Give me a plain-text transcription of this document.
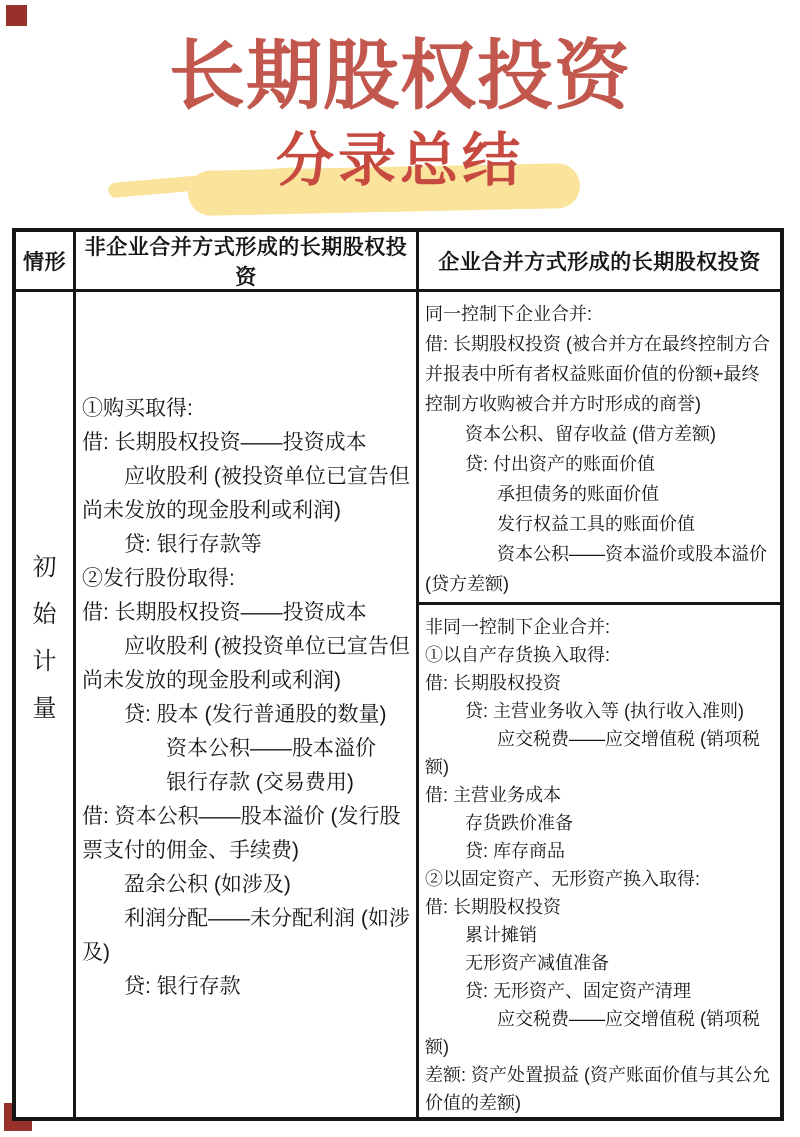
长期股权投资
分录总结
情形
非企业合并方式形成的长期股权投资
企业合并方式形成的长期股权投资
初
始
计
量
①购买取得:
借: 长期股权投资——投资成本
应收股利 (被投资单位已宣告但尚未发放的现金股利或利润)
贷: 银行存款等
②发行股份取得:
借: 长期股权投资——投资成本
应收股利 (被投资单位已宣告但尚未发放的现金股利或利润)
贷: 股本 (发行普通股的数量)
资本公积——股本溢价
银行存款 (交易费用)
借: 资本公积——股本溢价 (发行股票支付的佣金、手续费)
盈余公积 (如涉及)
利润分配——未分配利润 (如涉及)
贷: 银行存款
同一控制下企业合并:
借: 长期股权投资 (被合并方在最终控制方合并报表中所有者权益账面价值的份额+最终控制方收购被合并方时形成的商誉)
资本公积、留存收益 (借方差额)
贷: 付出资产的账面价值
承担债务的账面价值
发行权益工具的账面价值
资本公积——资本溢价或股本溢价 (贷方差额)
非同一控制下企业合并:
①以自产存货换入取得:
借: 长期股权投资
贷: 主营业务收入等 (执行收入准则)
应交税费——应交增值税 (销项税额)
借: 主营业务成本
存货跌价准备
贷: 库存商品
②以固定资产、无形资产换入取得:
借: 长期股权投资
累计摊销
无形资产减值准备
贷: 无形资产、固定资产清理
应交税费——应交增值税 (销项税额)
差额: 资产处置损益 (资产账面价值与其公允价值的差额)
